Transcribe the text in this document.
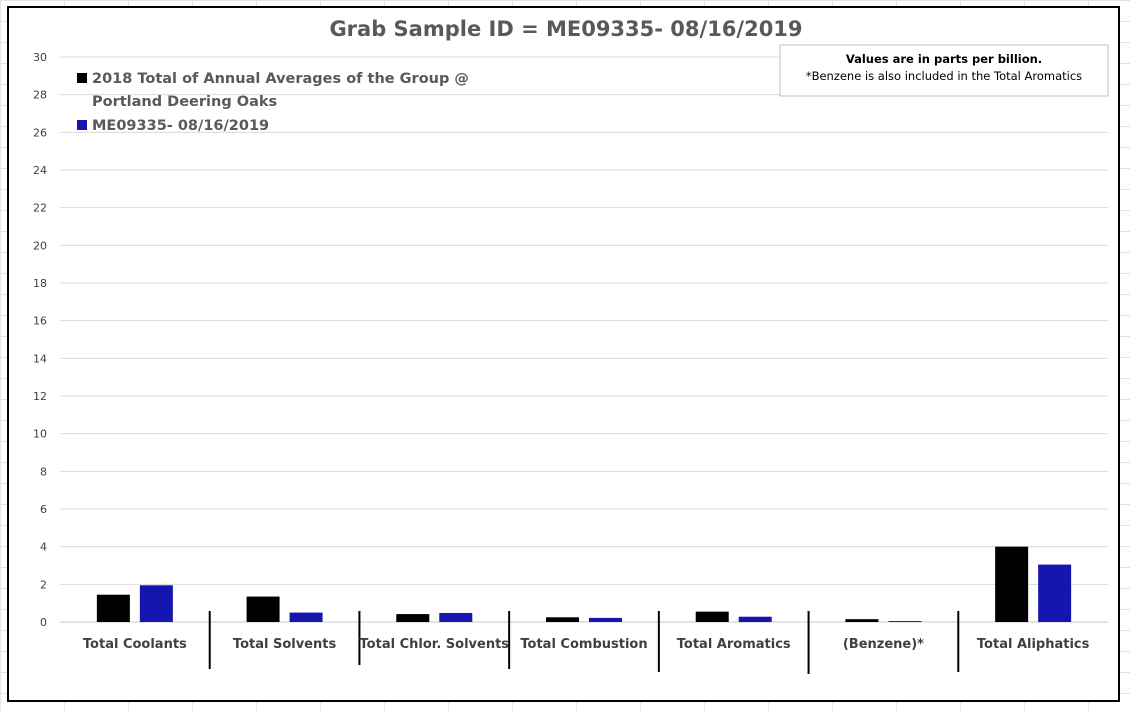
Grab Sample ID = ME09335- 08/16/2019
0
2
4
6
8
10
12
14
16
18
20
22
24
26
28
30
Total Coolants	Total Solvents Total Chlor. Solvents Total Combustion Total Aromatics	(Benzene)*	Total Aliphatics
2018 Total of Annual Averages of the Group @
Portland Deering Oaks
ME09335- 08/16/2019
Values are in parts per billion.
*Benzene is also included in the Total Aromatics
